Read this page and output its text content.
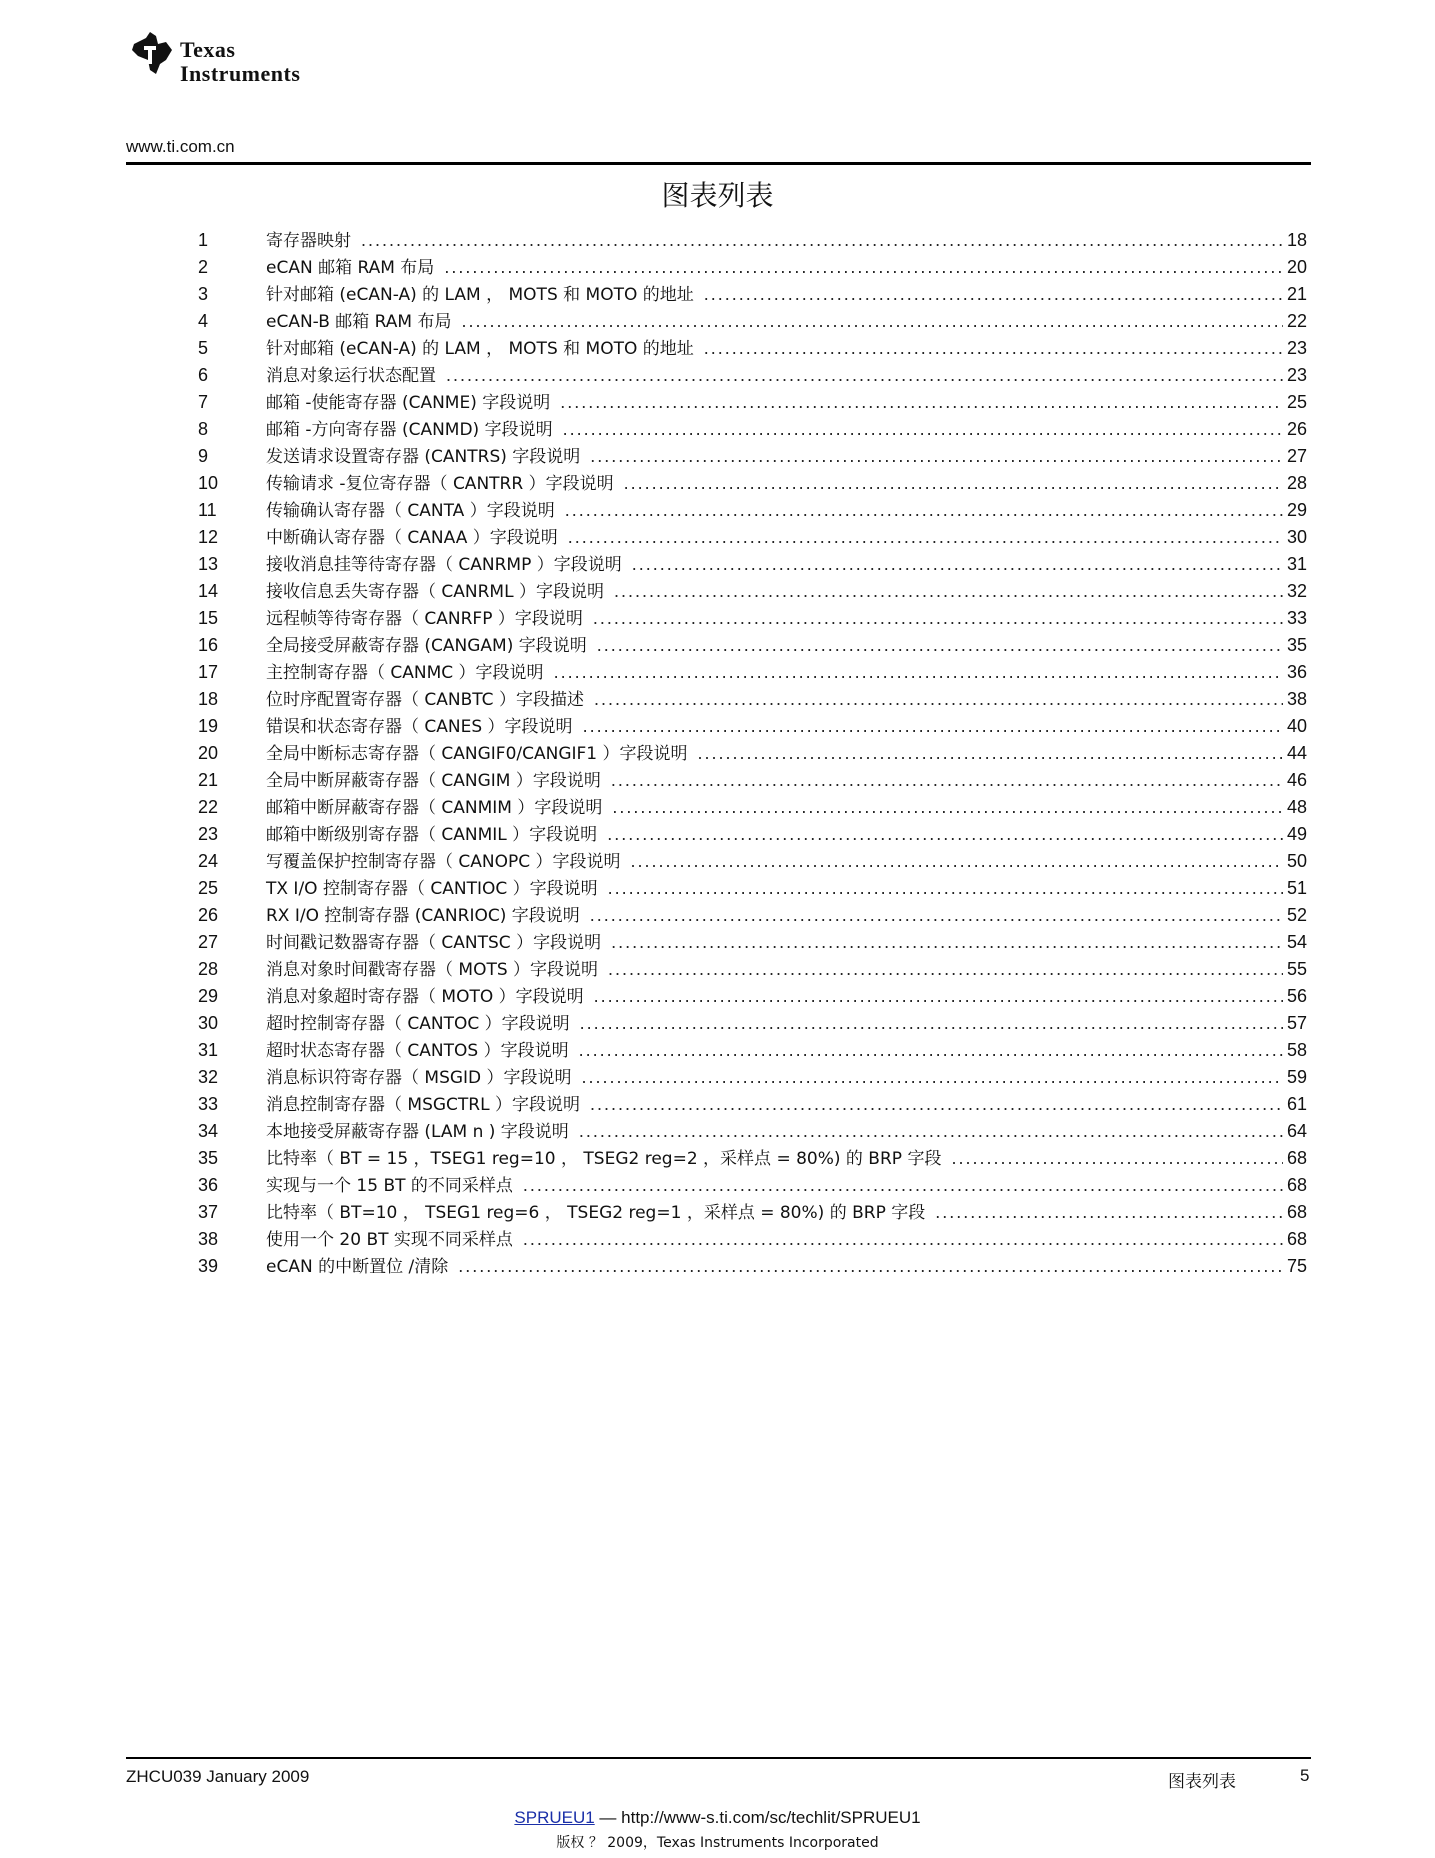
Texas
Instruments
www.ti.com.cn
图表列表
1	寄存器映射 .....	18
2	eCAN 邮箱 RAM 布局 .....	20
3	针对邮箱 (eCAN-A) 的 LAM ， MOTS 和 MOTO 的地址 .....	21
4	eCAN-B 邮箱 RAM 布局 .....	22
5	针对邮箱 (eCAN-A) 的 LAM ， MOTS 和 MOTO 的地址 .....	23
6	消息对象运行状态配置 .....	23
7	邮箱 -使能寄存器 (CANME) 字段说明 .....	25
8	邮箱 -方向寄存器 (CANMD) 字段说明 .....	26
9	发送请求设置寄存器 (CANTRS) 字段说明 .....	27
10	传输请求 -复位寄存器（ CANTRR ）字段说明 .....	28
11	传输确认寄存器（ CANTA ）字段说明 .....	29
12	中断确认寄存器（ CANAA ）字段说明 .....	30
13	接收消息挂等待寄存器（ CANRMP ）字段说明 .....	31
14	接收信息丢失寄存器（ CANRML ）字段说明 .....	32
15	远程帧等待寄存器（ CANRFP ）字段说明 .....	33
16	全局接受屏蔽寄存器 (CANGAM) 字段说明 .....	35
17	主控制寄存器（ CANMC ）字段说明 .....	36
18	位时序配置寄存器（ CANBTC ）字段描述 .....	38
19	错误和状态寄存器（ CANES ）字段说明 .....	40
20	全局中断标志寄存器（ CANGIF0/CANGIF1 ）字段说明 .....	44
21	全局中断屏蔽寄存器（ CANGIM ）字段说明 .....	46
22	邮箱中断屏蔽寄存器（ CANMIM ）字段说明 .....	48
23	邮箱中断级别寄存器（ CANMIL ）字段说明 .....	49
24	写覆盖保护控制寄存器（ CANOPC ）字段说明 .....	50
25	TX I/O 控制寄存器（ CANTIOC ）字段说明 .....	51
26	RX I/O 控制寄存器 (CANRIOC) 字段说明 .....	52
27	时间戳记数器寄存器（ CANTSC ）字段说明 .....	54
28	消息对象时间戳寄存器（ MOTS ）字段说明 .....	55
29	消息对象超时寄存器（ MOTO ）字段说明 .....	56
30	超时控制寄存器（ CANTOC ）字段说明 .....	57
31	超时状态寄存器（ CANTOS ）字段说明 .....	58
32	消息标识符寄存器（ MSGID ）字段说明 .....	59
33	消息控制寄存器（ MSGCTRL ）字段说明 .....	61
34	本地接受屏蔽寄存器 (LAM n ) 字段说明 .....	64
35	比特率（ BT = 15 ，TSEG1 reg=10 ， TSEG2 reg=2 ，采样点 = 80%) 的 BRP 字段 .....	68
36	实现与一个 15 BT 的不同采样点 .....	68
37	比特率（ BT=10 ， TSEG1 reg=6 ， TSEG2 reg=1 ，采样点 = 80%) 的 BRP 字段 .....	68
38	使用一个 20 BT 实现不同采样点 .....	68
39	eCAN 的中断置位 /清除 .....	75
ZHCU039 January 2009	图表列表	5
SPRUEU1 — http://www-s.ti.com/sc/techlit/SPRUEU1
版权 ？ 2009，Texas Instruments Incorporated
